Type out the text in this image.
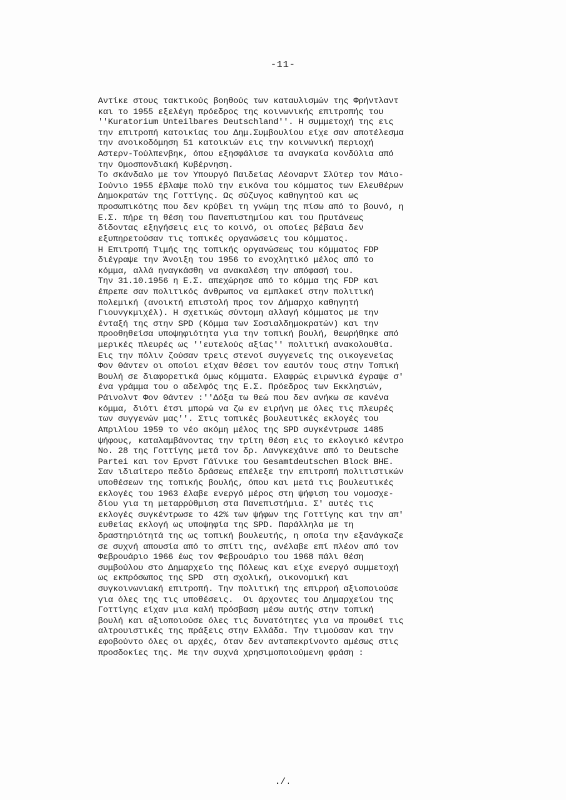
-11-
Αντίκε στους τακτικούς βοηθούς των καταυλισμών της Φρήντλαντ
και το 1955 εξελέγη πρόεδρος της κοινωνικής επιτροπής του
''Kuratorium Unteilbares Deutschland''. Η συμμετοχή της εις
την επιτροπή κατοικίας του Δημ.Συμβουλίου είχε σαν αποτέλεσμα
την ανοικοδόμηση 51 κατοικιών εις την κοινωνική περιοχή
Αστερν-Τούλπενβηκ, όπου εξησφάλισε τα αναγκαία κονδύλια από
την Ομοσπονδιακή Κυβέρνηση.
Το σκάνδαλο με τον Υπουργό Παιδείας Λέοναρντ Σλύτερ τον Μάιο-
Ιούνιο 1955 έβλαψε πολύ την εικόνα του κόμματος των Ελευθέρων
Δημοκρατών της Γοττίγης. Ως σύζυγος καθηγητού και ως
προσωπικότης που δεν κρύβει τη γνώμη της πίσω από το βουνό, η
Ε.Σ. πήρε τη θέση του Πανεπιστημίου και του Πρυτάνεως
δίδοντας εξηγήσεις εις το κοινό, οι οποίες βέβαια δεν
εξυπηρετούσαν τις τοπικές οργανώσεις του κόμματος.
Η Επιτροπή Τιμής της τοπικής οργανώσεως του κόμματος FDP
διέγραψε την Άνοιξη του 1956 το ενοχλητικό μέλος από το
κόμμα, αλλά ηναγκάσθη να ανακαλέση την απόφασή του.
Την 31.10.1956 η Ε.Σ. απεχώρησε από το κόμμα της FDP και
έπρεπε σαν πολιτικός άνθρωπος να εμπλακεί στην πολιτική
πολεμική (ανοικτή επιστολή προς τον Δήμαρχο καθηγητή
Γιουνγκμιχέλ). Η σχετικώς σύντομη αλλαγή κόμματος με την
ένταξή της στην SPD (Κόμμα των Σοσιαλδημοκρατών) και την
προοθηθείσα υποψηφιότητα για την τοπική βουλή, θεωρήθηκε από
μερικές πλευρές ως ''ευτελούς αξίας'' πολιτική ανακολουθία.
Εις την πόλιν ζούσαν τρεις στενοί συγγενείς της οικογενείας
Φον Θάντεν οι οποίοι είχαν θέσει τον εαυτόν τους στην Τοπική
Βουλή σε διαφορετικά όμως κόμματα. Ελαφρώς ειρωνικά έγραψε σ'
ένα γράμμα του ο αδελφός της Ε.Σ. Πρόεδρος των Εκκλησιών,
Ράινολντ Φον Θάντεν :''Δόξα τω θεώ που δεν ανήκω σε κανένα
κόμμα, διότι έτσι μπορώ να ζω εν ειρήνη με όλες τις πλευρές
των συγγενών μας''. Στις τοπικές βουλευτικές εκλογές του
Απριλίου 1959 το νέο ακόμη μέλος της SPD συγκέντρωσε 1485
ψήφους, καταλαμβάνοντας την τρίτη θέση εις το εκλογικό κέντρο
Νο. 28 της Γοττίγης μετά τον δρ. Λανγκεχάινε από το Deutsche
Partei και τον Ερνστ Γάϊνικε του Gesamtdeutschen Block BHE.
Σαν ιδιαίτερο πεδίο δράσεως επέλεξε την επιτροπή πολιτιστικών
υποθέσεων της τοπικής βουλής, όπου και μετά τις βουλευτικές
εκλογές του 1963 έλαβε ενεργό μέρος στη ψήφιση του νομοσχε-
δίου για τη μεταρρύθμιση στα Πανεπιστήμια. Σ' αυτές τις
εκλογές συγκέντρωσε το 42% των ψήφων της Γοττίγης και την απ'
ευθείας εκλογή ως υποψηφία της SPD. Παράλληλα με τη
δραστηριότητά της ως τοπική βουλευτής, η οποία την εξανάγκαζε
σε συχνή απουσία από το σπίτι της, ανέλαβε επί πλέον από τον
Φεβρουάριο 1966 έως τον Φεβρουάριο του 1968 πάλι θέση
συμβούλου στο Δημαρχείο της Πόλεως και είχε ενεργό συμμετοχή
ως εκπρόσωπος της SPD  στη σχολική, οικονομική και
συγκοινωνιακή επιτροπή. Την πολιτική της επιρροή αξιοποιούσε
για όλες της τις υποθέσεις.  Οι άρχοντες του Δημαρχείου της
Γοττίγης είχαν μια καλή πρόσβαση μέσω αυτής στην τοπική
βουλή και αξιοποιούσε όλες τις δυνατότητες για να προωθεί τις
αλτρουιστικές της πράξεις στην Ελλάδα. Την τιμούσαν και την
εφοβούντο όλες οι αρχές, όταν δεν ανταπεκρίνοντο αμέσως στις
προσδοκίες της. Με την συχνά χρησιμοποιούμενη φράση :
./.
